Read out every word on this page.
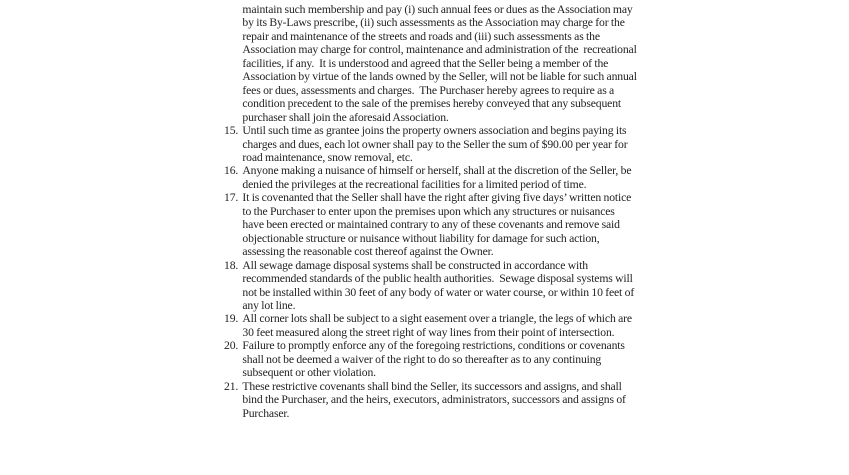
maintain such membership and pay (i) such annual fees or dues as the Association may by its By-Laws prescribe, (ii) such assessments as the Association may charge for the repair and maintenance of the streets and roads and (iii) such assessments as the Association may charge for control, maintenance and administration of the  recreational facilities, if any.  It is understood and agreed that the Seller being a member of the Association by virtue of the lands owned by the Seller, will not be liable for such annual fees or dues, assessments and charges.  The Purchaser hereby agrees to require as a condition precedent to the sale of the premises hereby conveyed that any subsequent purchaser shall join the aforesaid Association.

15. Until such time as grantee joins the property owners association and begins paying its charges and dues, each lot owner shall pay to the Seller the sum of $90.00 per year for road maintenance, snow removal, etc.

16. Anyone making a nuisance of himself or herself, shall at the discretion of the Seller, be denied the privileges at the recreational facilities for a limited period of time.

17. It is covenanted that the Seller shall have the right after giving five days’ written notice to the Purchaser to enter upon the premises upon which any structures or nuisances have been erected or maintained contrary to any of these covenants and remove said objectionable structure or nuisance without liability for damage for such action, assessing the reasonable cost thereof against the Owner.

18. All sewage damage disposal systems shall be constructed in accordance with recommended standards of the public health authorities.  Sewage disposal systems will not be installed within 30 feet of any body of water or water course, or within 10 feet of any lot line.

19. All corner lots shall be subject to a sight easement over a triangle, the legs of which are 30 feet measured along the street right of way lines from their point of intersection.

20. Failure to promptly enforce any of the foregoing restrictions, conditions or covenants shall not be deemed a waiver of the right to do so thereafter as to any continuing subsequent or other violation.

21. These restrictive covenants shall bind the Seller, its successors and assigns, and shall bind the Purchaser, and the heirs, executors, administrators, successors and assigns of Purchaser.
